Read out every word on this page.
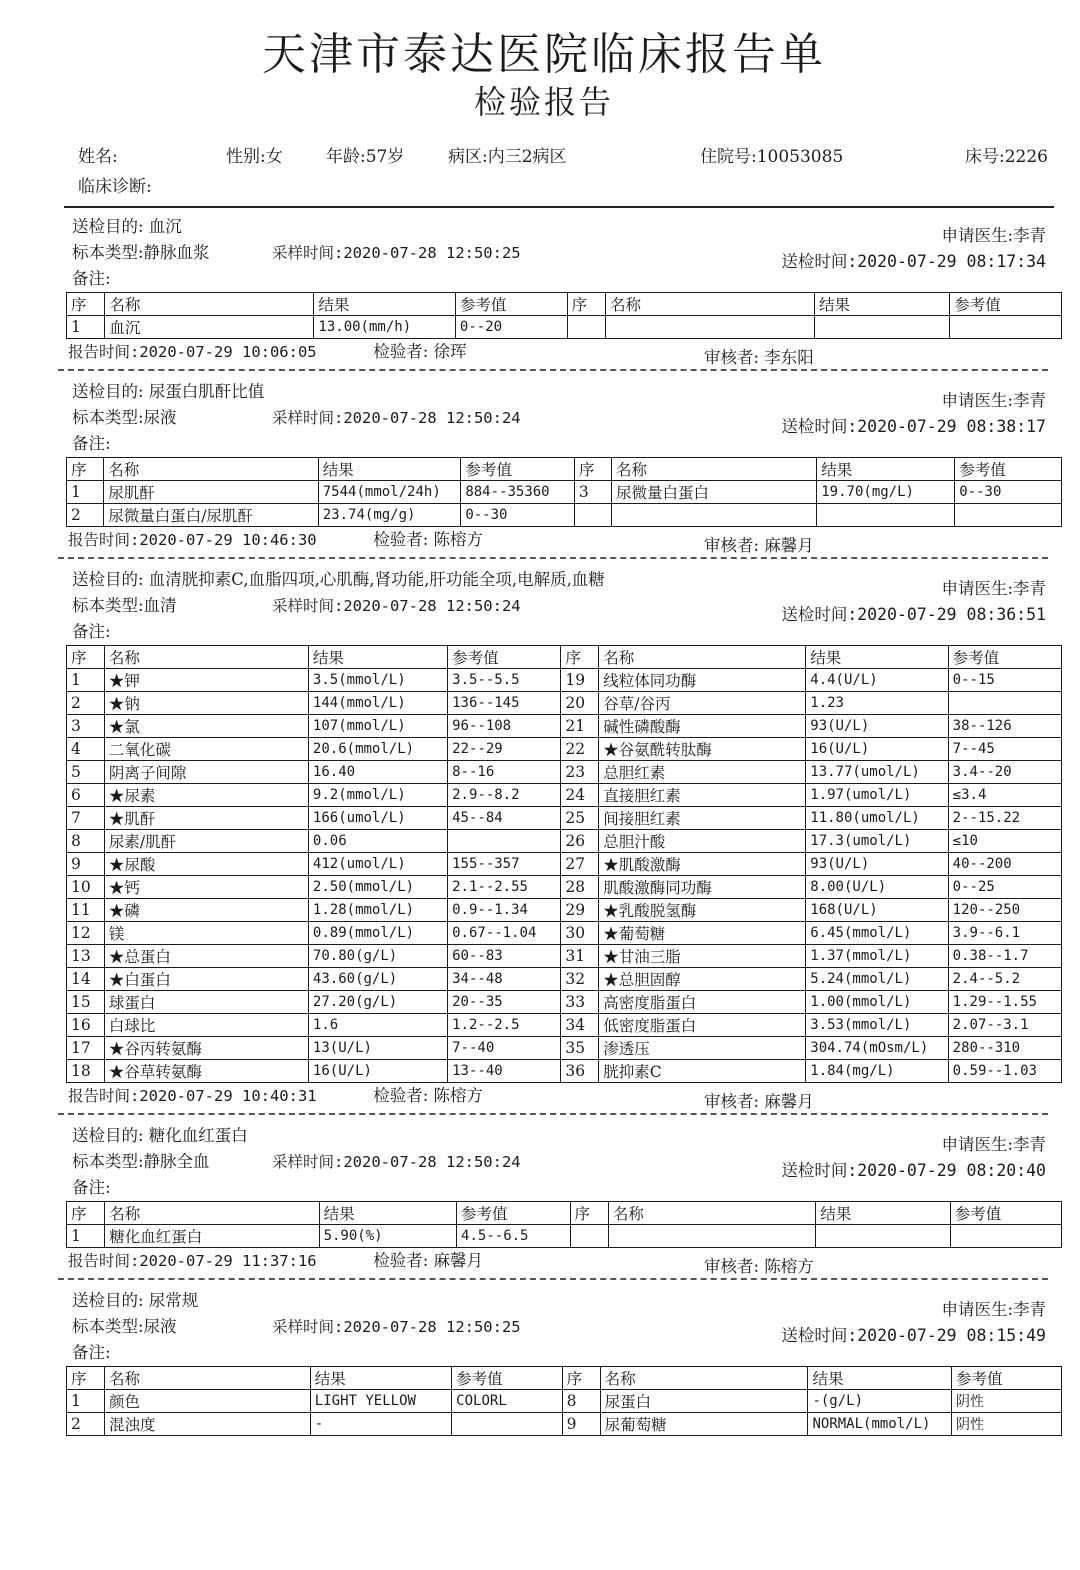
天津市泰达医院临床报告单
检验报告
姓名:	性别:女	年龄:57岁	病区:内三2病区	住院号:10053085	床号:2226
临床诊断:
送检目的: 血沉
标本类型:静脉血浆	采样时间:2020-07-28 12:50:25
备注:
申请医生:李青
送检时间:2020-07-29 08:17:34
序	名称	结果	参考值	序	名称	结果	参考值
1	血沉	13.00(mm/h)	0--20				
报告时间:2020-07-29 10:06:05	检验者: 徐珲	审核者: 李东阳
送检目的: 尿蛋白肌酐比值
标本类型:尿液	采样时间:2020-07-28 12:50:24
备注:
申请医生:李青
送检时间:2020-07-29 08:38:17
序	名称	结果	参考值	序	名称	结果	参考值
1	尿肌酐	7544(mmol/24h)	884--35360	3	尿微量白蛋白	19.70(mg/L)	0--30
2	尿微量白蛋白/尿肌酐	23.74(mg/g)	0--30				
报告时间:2020-07-29 10:46:30	检验者: 陈榕方	审核者: 麻馨月
送检目的: 血清胱抑素C,血脂四项,心肌酶,肾功能,肝功能全项,电解质,血糖
标本类型:血清	采样时间:2020-07-28 12:50:24
备注:
申请医生:李青
送检时间:2020-07-29 08:36:51
序	名称	结果	参考值	序	名称	结果	参考值
1	★钾	3.5(mmol/L)	3.5--5.5	19	线粒体同功酶	4.4(U/L)	0--15
2	★钠	144(mmol/L)	136--145	20	谷草/谷丙	1.23	
3	★氯	107(mmol/L)	96--108	21	碱性磷酸酶	93(U/L)	38--126
4	二氧化碳	20.6(mmol/L)	22--29	22	★谷氨酰转肽酶	16(U/L)	7--45
5	阴离子间隙	16.40	8--16	23	总胆红素	13.77(umol/L)	3.4--20
6	★尿素	9.2(mmol/L)	2.9--8.2	24	直接胆红素	1.97(umol/L)	≤3.4
7	★肌酐	166(umol/L)	45--84	25	间接胆红素	11.80(umol/L)	2--15.22
8	尿素/肌酐	0.06		26	总胆汁酸	17.3(umol/L)	≤10
9	★尿酸	412(umol/L)	155--357	27	★肌酸激酶	93(U/L)	40--200
10	★钙	2.50(mmol/L)	2.1--2.55	28	肌酸激酶同功酶	8.00(U/L)	0--25
11	★磷	1.28(mmol/L)	0.9--1.34	29	★乳酸脱氢酶	168(U/L)	120--250
12	镁	0.89(mmol/L)	0.67--1.04	30	★葡萄糖	6.45(mmol/L)	3.9--6.1
13	★总蛋白	70.80(g/L)	60--83	31	★甘油三脂	1.37(mmol/L)	0.38--1.7
14	★白蛋白	43.60(g/L)	34--48	32	★总胆固醇	5.24(mmol/L)	2.4--5.2
15	球蛋白	27.20(g/L)	20--35	33	高密度脂蛋白	1.00(mmol/L)	1.29--1.55
16	白球比	1.6	1.2--2.5	34	低密度脂蛋白	3.53(mmol/L)	2.07--3.1
17	★谷丙转氨酶	13(U/L)	7--40	35	渗透压	304.74(mOsm/L)	280--310
18	★谷草转氨酶	16(U/L)	13--40	36	胱抑素C	1.84(mg/L)	0.59--1.03
报告时间:2020-07-29 10:40:31	检验者: 陈榕方	审核者: 麻馨月
送检目的: 糖化血红蛋白
标本类型:静脉全血	采样时间:2020-07-28 12:50:24
备注:
申请医生:李青
送检时间:2020-07-29 08:20:40
序	名称	结果	参考值	序	名称	结果	参考值
1	糖化血红蛋白	5.90(%)	4.5--6.5				
报告时间:2020-07-29 11:37:16	检验者: 麻馨月	审核者: 陈榕方
送检目的: 尿常规
标本类型:尿液	采样时间:2020-07-28 12:50:25
备注:
申请医生:李青
送检时间:2020-07-29 08:15:49
序	名称	结果	参考值	序	名称	结果	参考值
1	颜色	LIGHT YELLOW	COLORL	8	尿蛋白	-(g/L)	阴性
2	混浊度	-		9	尿葡萄糖	NORMAL(mmol/L)	阴性
